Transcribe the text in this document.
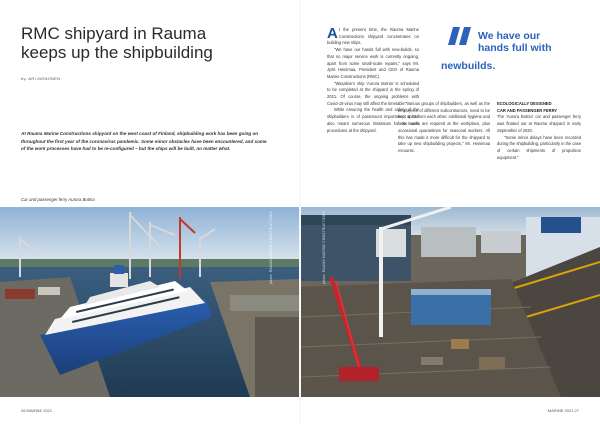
RMC shipyard in Rauma keeps up the shipbuilding
by: ARI MONONEN

At Rauma Marine Constructions shipyard on the west coast of Finland, shipbuilding work has been going on throughout the first year of the coronavirus pandemic. Some minor obstacles have been encountered, and some of the work processes have had to be re-configured – but the ships will be built, no matter what.

A t the present time, the Rauma Marine Constructions shipyard concentrates on building new ships.
"We have our hands full with new-builds, so that no major service work is currently ongoing, apart from some small-scale repairs," says Mr. Jyrki Heinimaa, President and CEO of Rauma Marine Constructions (RMC).
"Wasaline's ship 'Aurora Botnia' is scheduled to be completed at the shipyard in the spring of 2021. Of course, the ongoing problems with Covid-19 virus may still affect the timetable."
While ensuring the health and safety of the shipbuilders is of paramount importance, it has also meant numerous limitations for the work procedures at the shipyard.
We have our
hands full with
newbuilds.
"Various groups of shipbuilders, as well as the employees of different subcontractors, need to be kept apart from each other. Additional hygiene and face masks are required at the workplace, plus occasional quarantines for seasonal workers. All this has made it more difficult for the shipyard to take up new shipbuilding projects," Mr. Heinimaa recounts.
ECOLOGICALLY DESIGNED
CAR AND PASSENGER FERRY
The 'Aurora Botnia' car and passenger ferry was floated out at Rauma shipyard in early September of 2020.
"Some minor delays have been recorded during the shipbuilding, particularly in the case of certain shipments of propulsion equipment."
Car and passenger ferry Aurora Botnia
photo: RAUMA MARINE CONSTRUCTIONS	photo: RAUMA MARINE CONSTRUCTIONS
26 MARINE 2021	MARINE 2021 27
